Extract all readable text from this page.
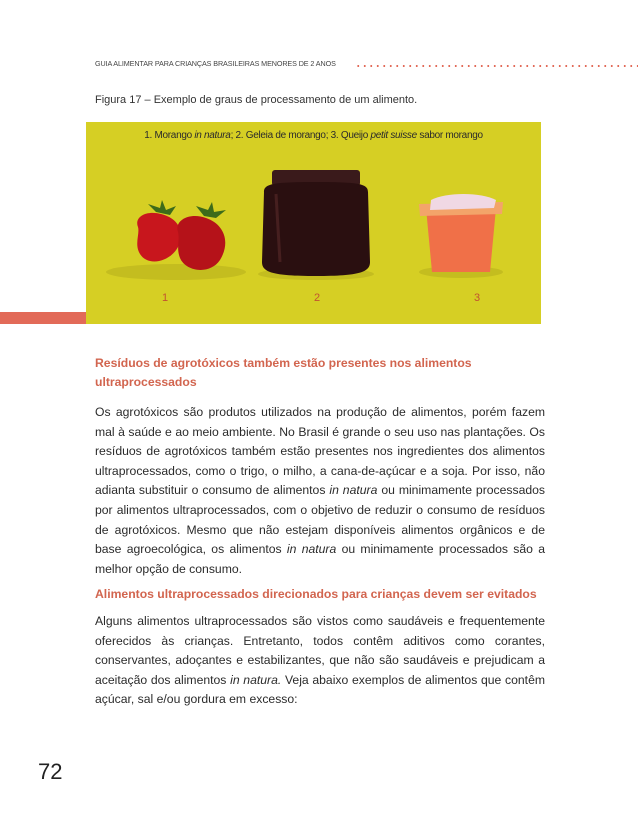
GUIA ALIMENTAR PARA CRIANÇAS BRASILEIRAS MENORES DE 2 ANOS
Figura 17 – Exemplo de graus de processamento de um alimento.
1. Morango in natura; 2. Geleia de morango; 3. Queijo petit suisse sabor morango
1	2	3
Resíduos de agrotóxicos também estão presentes nos alimentos ultraprocessados
Os agrotóxicos são produtos utilizados na produção de alimentos, porém fazem mal à saúde e ao meio ambiente. No Brasil é grande o seu uso nas plantações. Os resíduos de agrotóxicos também estão presentes nos ingredientes dos alimentos ultraprocessados, como o trigo, o milho, a cana-de-açúcar e a soja. Por isso, não adianta substituir o consumo de alimentos in natura ou minimamente processados por alimentos ultraprocessados, com o objetivo de reduzir o consumo de resíduos de agrotóxicos. Mesmo que não estejam disponíveis alimentos orgânicos e de base agroecológica, os alimentos in natura ou minimamente processados são a melhor opção de consumo.
Alimentos ultraprocessados direcionados para crianças devem ser evitados
Alguns alimentos ultraprocessados são vistos como saudáveis e frequentemente oferecidos às crianças. Entretanto, todos contêm aditivos como corantes, conservantes, adoçantes e estabilizantes, que não são saudáveis e prejudicam a aceitação dos alimentos in natura. Veja abaixo exemplos de alimentos que contêm açúcar, sal e/ou gordura em excesso:
72
